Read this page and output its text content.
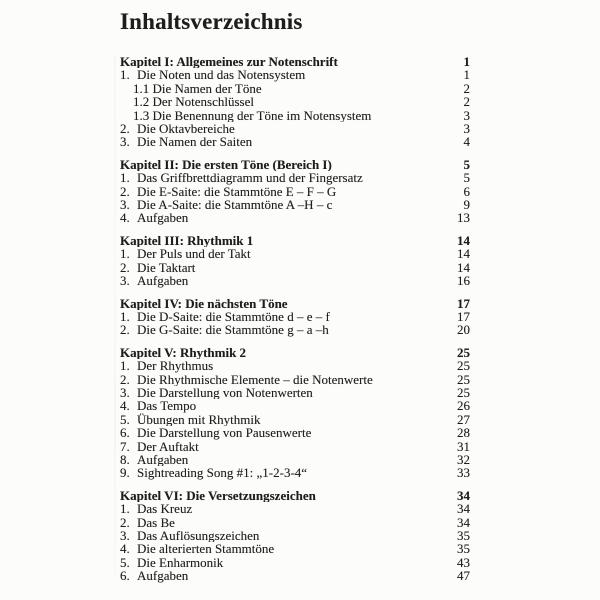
Inhaltsverzeichnis
Kapitel I: Allgemeines zur Notenschrift	1
1. Die Noten und das Notensystem	1
1.1 Die Namen der Töne	2
1.2 Der Notenschlüssel	2
1.3 Die Benennung der Töne im Notensystem	3
2. Die Oktavbereiche	3
3. Die Namen der Saiten	4
Kapitel II: Die ersten Töne (Bereich I)	5
1. Das Griffbrettdiagramm und der Fingersatz	5
2. Die E-Saite: die Stammtöne E – F – G	6
3. Die A-Saite: die Stammtöne A –H – c	9
4. Aufgaben	13
Kapitel III: Rhythmik 1	14
1. Der Puls und der Takt	14
2. Die Taktart	14
3. Aufgaben	16
Kapitel IV: Die nächsten Töne	17
1. Die D-Saite: die Stammtöne d – e – f	17
2. Die G-Saite: die Stammtöne g – a –h	20
Kapitel V: Rhythmik 2	25
1. Der Rhythmus	25
2. Die Rhythmische Elemente – die Notenwerte	25
3. Die Darstellung von Notenwerten	25
4. Das Tempo	26
5. Übungen mit Rhythmik	27
6. Die Darstellung von Pausenwerte	28
7. Der Auftakt	31
8. Aufgaben	32
9. Sightreading Song #1: „1-2-3-4“	33
Kapitel VI: Die Versetzungszeichen	34
1. Das Kreuz	34
2. Das Be	34
3. Das Auflösungszeichen	35
4. Die alterierten Stammtöne	35
5. Die Enharmonik	43
6. Aufgaben	47
